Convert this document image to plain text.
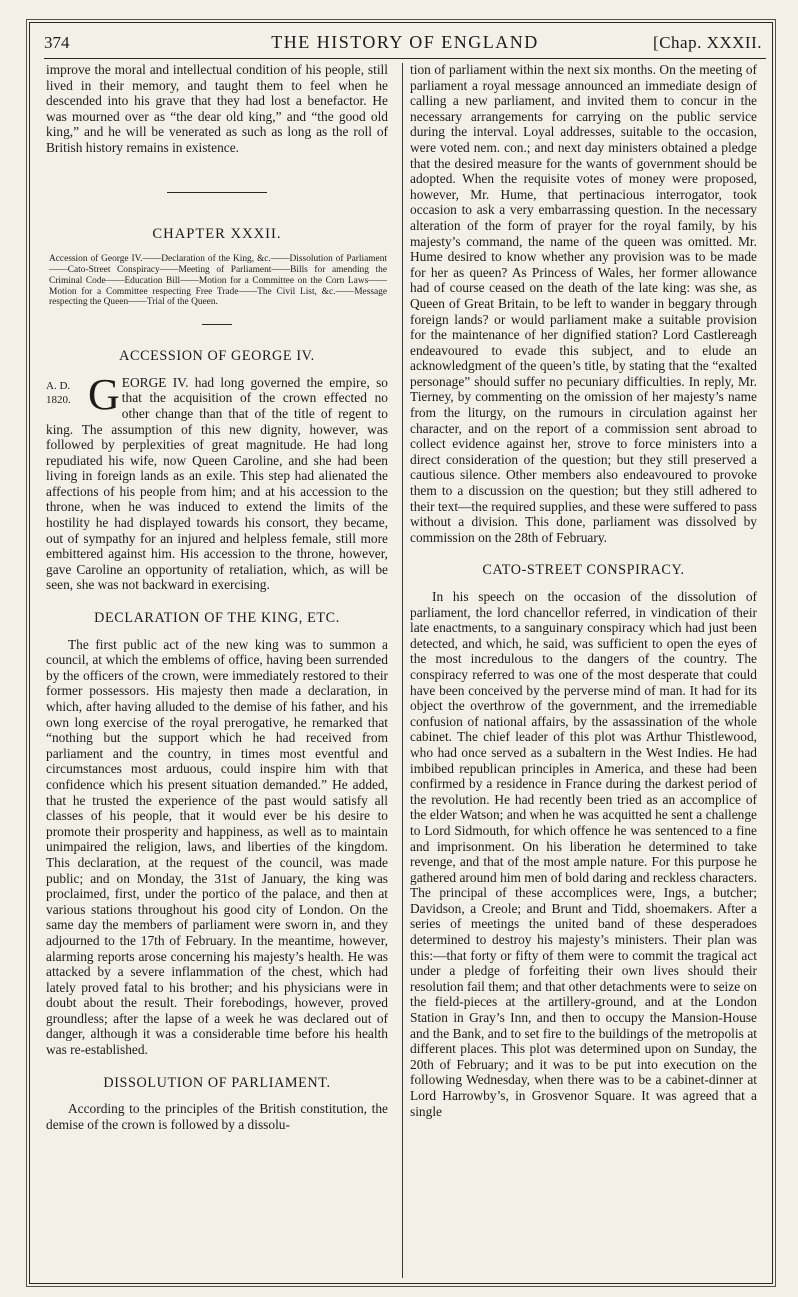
374	THE HISTORY OF ENGLAND	[Chap. XXXII.

improve the moral and intellectual condition of his people, still lived in their memory, and taught them to feel when he descended into his grave that they had lost a benefactor. He was mourned over as “the dear old king,” and “the good old king,” and he will be venerated as such as long as the roll of British history remains in existence.

CHAPTER XXXII.

Accession of George IV.——Declaration of the King, &c.——Dissolution of Parliament——Cato-Street Conspiracy——Meeting of Parliament——Bills for amending the Criminal Code——Education Bill——Motion for a Committee on the Corn Laws——Motion for a Committee respecting Free Trade——The Civil List, &c.——Message respecting the Queen——Trial of the Queen.

ACCESSION OF GEORGE IV.
A. D.
1820. G EORGE IV. had long governed the empire, so that the acquisition of the crown effected no other change than that of the title of regent to king. The assumption of this new dignity, however, was followed by perplexities of great magnitude. He had long repudiated his wife, now Queen Caroline, and she had been living in foreign lands as an exile. This step had alienated the affections of his people from him; and at his accession to the throne, when he was induced to extend the limits of the hostility he had displayed towards his consort, they became, out of sympathy for an injured and helpless female, still more embittered against him. His accession to the throne, however, gave Caroline an opportunity of retaliation, which, as will be seen, she was not backward in exercising.

DECLARATION OF THE KING, ETC.

The first public act of the new king was to summon a council, at which the emblems of office, having been surrended by the officers of the crown, were immediately restored to their former possessors. His majesty then made a declaration, in which, after having alluded to the demise of his father, and his own long exercise of the royal prerogative, he remarked that “nothing but the support which he had received from parliament and the country, in times most eventful and circumstances most arduous, could inspire him with that confidence which his present situation demanded.” He added, that he trusted the experience of the past would satisfy all classes of his people, that it would ever be his desire to promote their prosperity and happiness, as well as to maintain unimpaired the religion, laws, and liberties of the kingdom. This declaration, at the request of the council, was made public; and on Monday, the 31st of January, the king was proclaimed, first, under the portico of the palace, and then at various stations throughout his good city of London. On the same day the members of parliament were sworn in, and they adjourned to the 17th of February. In the meantime, however, alarming reports arose concerning his majesty’s health. He was attacked by a severe inflammation of the chest, which had lately proved fatal to his brother; and his physicians were in doubt about the result. Their forebodings, however, proved groundless; after the lapse of a week he was declared out of danger, although it was a considerable time before his health was re-established.

DISSOLUTION OF PARLIAMENT.

According to the principles of the British constitution, the demise of the crown is followed by a dissolu-

tion of parliament within the next six months. On the meeting of parliament a royal message announced an immediate design of calling a new parliament, and invited them to concur in the necessary arrangements for carrying on the public service during the interval. Loyal addresses, suitable to the occasion, were voted nem. con.; and next day ministers obtained a pledge that the desired measure for the wants of government should be adopted. When the requisite votes of money were proposed, however, Mr. Hume, that pertinacious interrogator, took occasion to ask a very embarrassing question. In the necessary alteration of the form of prayer for the royal family, by his majesty’s command, the name of the queen was omitted. Mr. Hume desired to know whether any provision was to be made for her as queen? As Princess of Wales, her former allowance had of course ceased on the death of the late king: was she, as Queen of Great Britain, to be left to wander in beggary through foreign lands? or would parliament make a suitable provision for the maintenance of her dignified station? Lord Castlereagh endeavoured to evade this subject, and to elude an acknowledgment of the queen’s title, by stating that the “exalted personage” should suffer no pecuniary difficulties. In reply, Mr. Tierney, by commenting on the omission of her majesty’s name from the liturgy, on the rumours in circulation against her character, and on the report of a commission sent abroad to collect evidence against her, strove to force ministers into a direct consideration of the question; but they still preserved a cautious silence. Other members also endeavoured to provoke them to a discussion on the question; but they still adhered to their text—the required supplies, and these were suffered to pass without a division. This done, parliament was dissolved by commission on the 28th of February.

CATO-STREET CONSPIRACY.

In his speech on the occasion of the dissolution of parliament, the lord chancellor referred, in vindication of their late enactments, to a sanguinary conspiracy which had just been detected, and which, he said, was sufficient to open the eyes of the most incredulous to the dangers of the country. The conspiracy referred to was one of the most desperate that could have been conceived by the perverse mind of man. It had for its object the overthrow of the government, and the irremediable confusion of national affairs, by the assassination of the whole cabinet. The chief leader of this plot was Arthur Thistlewood, who had once served as a subaltern in the West Indies. He had imbibed republican principles in America, and these had been confirmed by a residence in France during the darkest period of the revolution. He had recently been tried as an accomplice of the elder Watson; and when he was acquitted he sent a challenge to Lord Sidmouth, for which offence he was sentenced to a fine and imprisonment. On his liberation he determined to take revenge, and that of the most ample nature. For this purpose he gathered around him men of bold daring and reckless characters. The principal of these accomplices were, Ings, a butcher; Davidson, a Creole; and Brunt and Tidd, shoemakers. After a series of meetings the united band of these desperadoes determined to destroy his majesty’s ministers. Their plan was this:—that forty or fifty of them were to commit the tragical act under a pledge of forfeiting their own lives should their resolution fail them; and that other detachments were to seize on the field-pieces at the artillery-ground, and at the London Station in Gray’s Inn, and then to occupy the Mansion-House and the Bank, and to set fire to the buildings of the metropolis at different places. This plot was determined upon on Sunday, the 20th of February; and it was to be put into execution on the following Wednesday, when there was to be a cabinet-dinner at Lord Harrowby’s, in Grosvenor Square. It was agreed that a single
